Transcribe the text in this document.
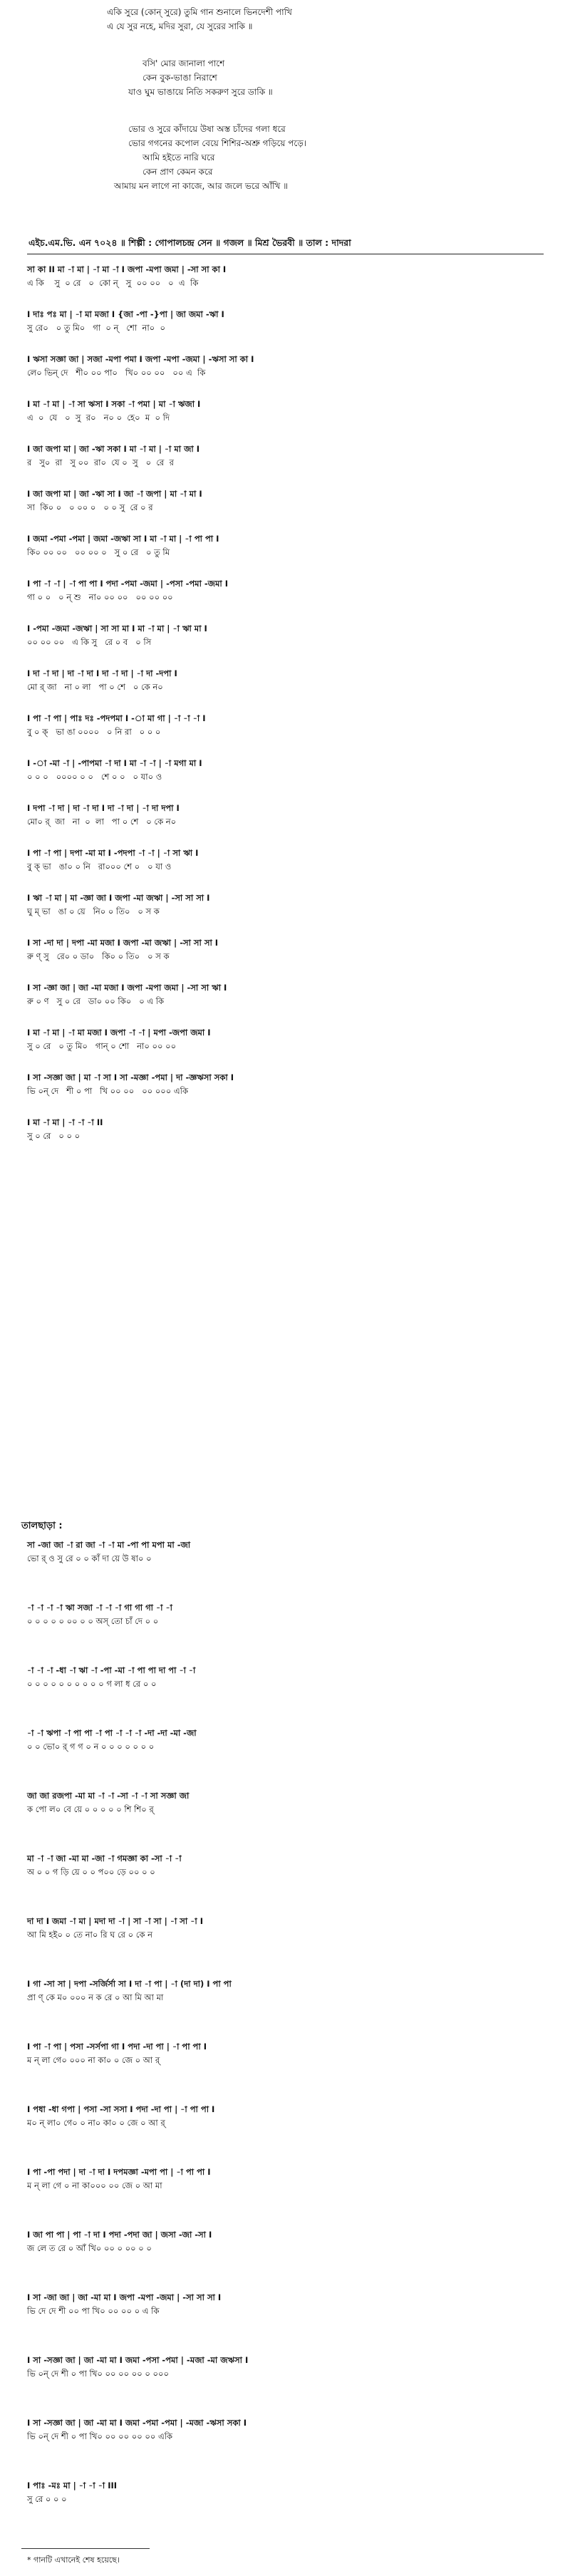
একি সুরে (কোন্ সুরে) তুমি গান শুনালে ভিনদেশী পাখি

এ যে সুর নহে, মদির সুরা, যে সুরের সাকি ॥

বসি' মোর জানালা পাশে

কেন বুক-ভাঙা নিরাশে

যাও ঘুম ভাঙায়ে নিতি সকরুণ সুরে ডাকি ॥

ভোর ও সুরে কাঁদায়ে উষা অস্ত চাঁদের গলা ধরে

ভোর গগনের কপোল বেয়ে শিশির-অশ্রু গড়িয়ে পড়ে।

আমি হইতে নারি ঘরে

কেন প্রাণ কেমন করে

আমায় মন লাগে না কাজে, আর জলে ভরে আঁখি ॥

এইচ.এম.ভি. এন ৭০২৪ ॥ শিল্পী : গোপালচন্দ্র সেন ॥ গজল ॥ মিশ্র ভৈরবী ॥ তাল : দাদরা
সা কা II মা -া মা | -া মা -া I জপা -মপা জমা | -সা সা কা I
এ কি    সু  ০ রে   ০  কো ন্   সু  ০০ ০০   ০  এ  কি
I দাঃ পঃ মা | -া মা মজা I {জা -পা -}পা | জা জমা -ঋা I
সু রে০   ০ তু মি০   গা  ০ ন্   শো  না০  ০
I ঋসা সজ্ঞা জা | সজা -মপা পমা I জপা -মপা -জমা | -ঋসা সা কা I
লে০ ভিন্ দে   শী০ ০০ পা০   খি০ ০০ ০০   ০০ এ  কি
I মা -া মা | -া সা ঋসা I সকা -া পমা | মা -া ঋজা I
এ  ০  যে   ০  সু  র০   ন০ ০  হে০  ম  ০ দি
I জা জপা মা | জা -ঋা সকা I মা -া মা | -া মা জা I
র   সু০  রা   সু ০০  রা০  যে ০  সু   ০  রে  র
I জা জপা মা | জা -ঋা সা I জা -া জপা | মা -া মা I
সা  কি০ ০   ০ ০০ ০   ০ ০ সু  রে ০ র
I জমা -পমা -পমা | জমা -জঋা সা I মা -া মা | -া পা পা I
কি০ ০০ ০০   ০০ ০০ ০   সু ০ রে   ০ তু মি
I পা -া -া | -া পা পা I পদা -পমা -জমা | -পসা -পমা -জমা I
গা ০ ০   ০ ন্ শু   না০ ০০ ০০   ০০ ০০ ০০
I -পমা -জমা -জঋা | সা সা মা I মা -া মা | -া ঋা মা I
০০ ০০ ০০   এ কি সু   রে ০ ব   ০ সি
I দা -া দা | দা -া দা I দা -া দা | -া দা -দপা I
মো র্ জা   না ০ লা   পা ০ শে   ০ কে ন০
I পা -া পা | পাঃ দঃ -পদপমা I -া মা গা | -া -া -া I
বু ০ ক্   ভা ঙা ০০০০   ০ নি রা   ০ ০ ০
I -া -মা -া | -পাপমা -া দা I মা -া -া | -া মগা মা I
০ ০ ০   ০০০০ ০ ০   শে ০ ০   ০ যা০ ও
I দপা -া দা | দা -া দা I দা -া দা | -া দা দপা I
মো০ র্  জা   না  ০  লা   পা ০ শে   ০ কে ন০
I পা -া পা | দপা -মা মা I -পদপা -া -া | -া সা ঋা I
বু ক্ ভা   ঙা০ ০ নি   রা০০০ শে ০   ০ যা ও
I ঋা -া মা | মা -জ্ঞা জা I জপা -মা জঋা | -সা সা সা I
ঘু ম্ ভা   ঙা ০ য়ে   নি০ ০ তি০   ০ স ক
I সা -দা দা | দপা -মা মজা I জপা -মা জঋা | -সা সা সা I
রু ণ্ সু   রে০ ০ ডা০   কি০ ০ তি০   ০ স ক
I সা -জ্ঞা জা | জা -মা মজা I জপা -মপা জমা | -সা সা ঋা I
রু ০ ণ   সু ০ রে   ডা০ ০০ কি০   ০ এ কি
I মা -া মা | -া মা মজা I জপা -া -া | মপা -জপা জমা I
সু ০ রে   ০ তু মি০   গান্ ০ শো   না০ ০০ ০০
I সা -সজ্ঞা জা | মা -া সা I সা -মজ্ঞা -পমা | দা -জ্ঞঋসা সকা I
ভি ০ন্ দে   শী ০ পা   খি ০০ ০০   ০০ ০০০ একি
I মা -া মা | -া -া -া II
সু ০ রে   ০ ০ ০
তালছাড়া :
সা -জা জা -া রা জা -া -া মা -পা পা মপা মা -জা
ভো র্ ও সু রে ০ ০ কাঁ দা য়ে উ ষা০ ০
-া -া -া -া ঋা সজা -া -া -া গা গা গা -া -া
০ ০ ০ ০ ০ ০০ ০ ০ অস্ তো চাঁ দে ০ ০
-া -া -া -ধা -া ঋা -া -পা -মা -া পা পা দা পা -া -া
০ ০ ০ ০ ০ ০ ০ ০ ০ ০ গ লা ধ রে ০ ০
-া -া ঋপা -া পা পা -া পা -া -া -া -দা -দা -মা -জা
০ ০ ভো০ র্ গ গ ০ ন ০ ০ ০ ০ ০ ০ ০
জা জা রজপা -মা মা -া -া -সা -া -া সা সজ্ঞা জা
ক পো ল০ বে য়ে ০ ০ ০ ০ ০ শি শি০ র্
মা -া -া জা -মা মা -জা -া গমজ্ঞা কা -সা -া -া
অ ০ ০ গ ড়ি য়ে ০ ০ প০০ ড়ে ০০ ০ ০
দা দা I জমা -া মা | মদা দা -া | সা -া সা | -া সা -া I
আ মি হই০ ০ তে না০ রি ঘ রে ০ কে ন
I গা -সা সা | দপা -সর্জির্সা সা I দা -া পা | -া (দা দা) I পা পা
প্রা ণ্ কে ম০ ০০০ ন ক রে ০ আ মি আ মা
I পা -া পা | পসা -সর্সপা গা I পদা -দা পা | -া পা পা I
ম ন্ লা গে০ ০০০ না কা০ ০ জে ০ আ র্
I পধা -ধা গপা | পসা -সা সসা I পদা -দা পা | -া পা পা I
ম০ ন্ লা০ গে০ ০ না০ কা০ ০ জে ০ আ র্
I পা -পা পদা | দা -া দা I দপমজ্ঞা -মপা পা | -া পা পা I
ম ন্ লা গে ০ না কা০০০ ০০ জে ০ আ মা
I জা পা পা | পা -া দা I পদা -পদা জা | জসা -জা -সা I
জ লে ত রে ০ আঁ খি০ ০০ ০ ০০ ০ ০
I সা -জা জা | জা -মা মা I জপা -মপা -জমা | -সা সা সা I
ভি দে দে শী ০০ পা খি০ ০০ ০০ ০ এ কি
I সা -সজ্ঞা জা | জা -মা মা I জমা -পসা -পমা | -মজা -মা জঋসা I
ভি ০ন্ দে শী ০ পা খি০ ০০ ০০ ০০ ০ ০০০
I সা -সজ্ঞা জা | জা -মা মা I জমা -পমা -পমা | -মজা -ঋসা সকা I
ভি ০ন্ দে শী ০ পা খি০ ০০ ০০ ০০ ০০ একি
I পাঃ -মঃ মা | -া -া -া III
সু রে ০ ০ ০
* গানটি এখানেই শেষ হয়েছে।
